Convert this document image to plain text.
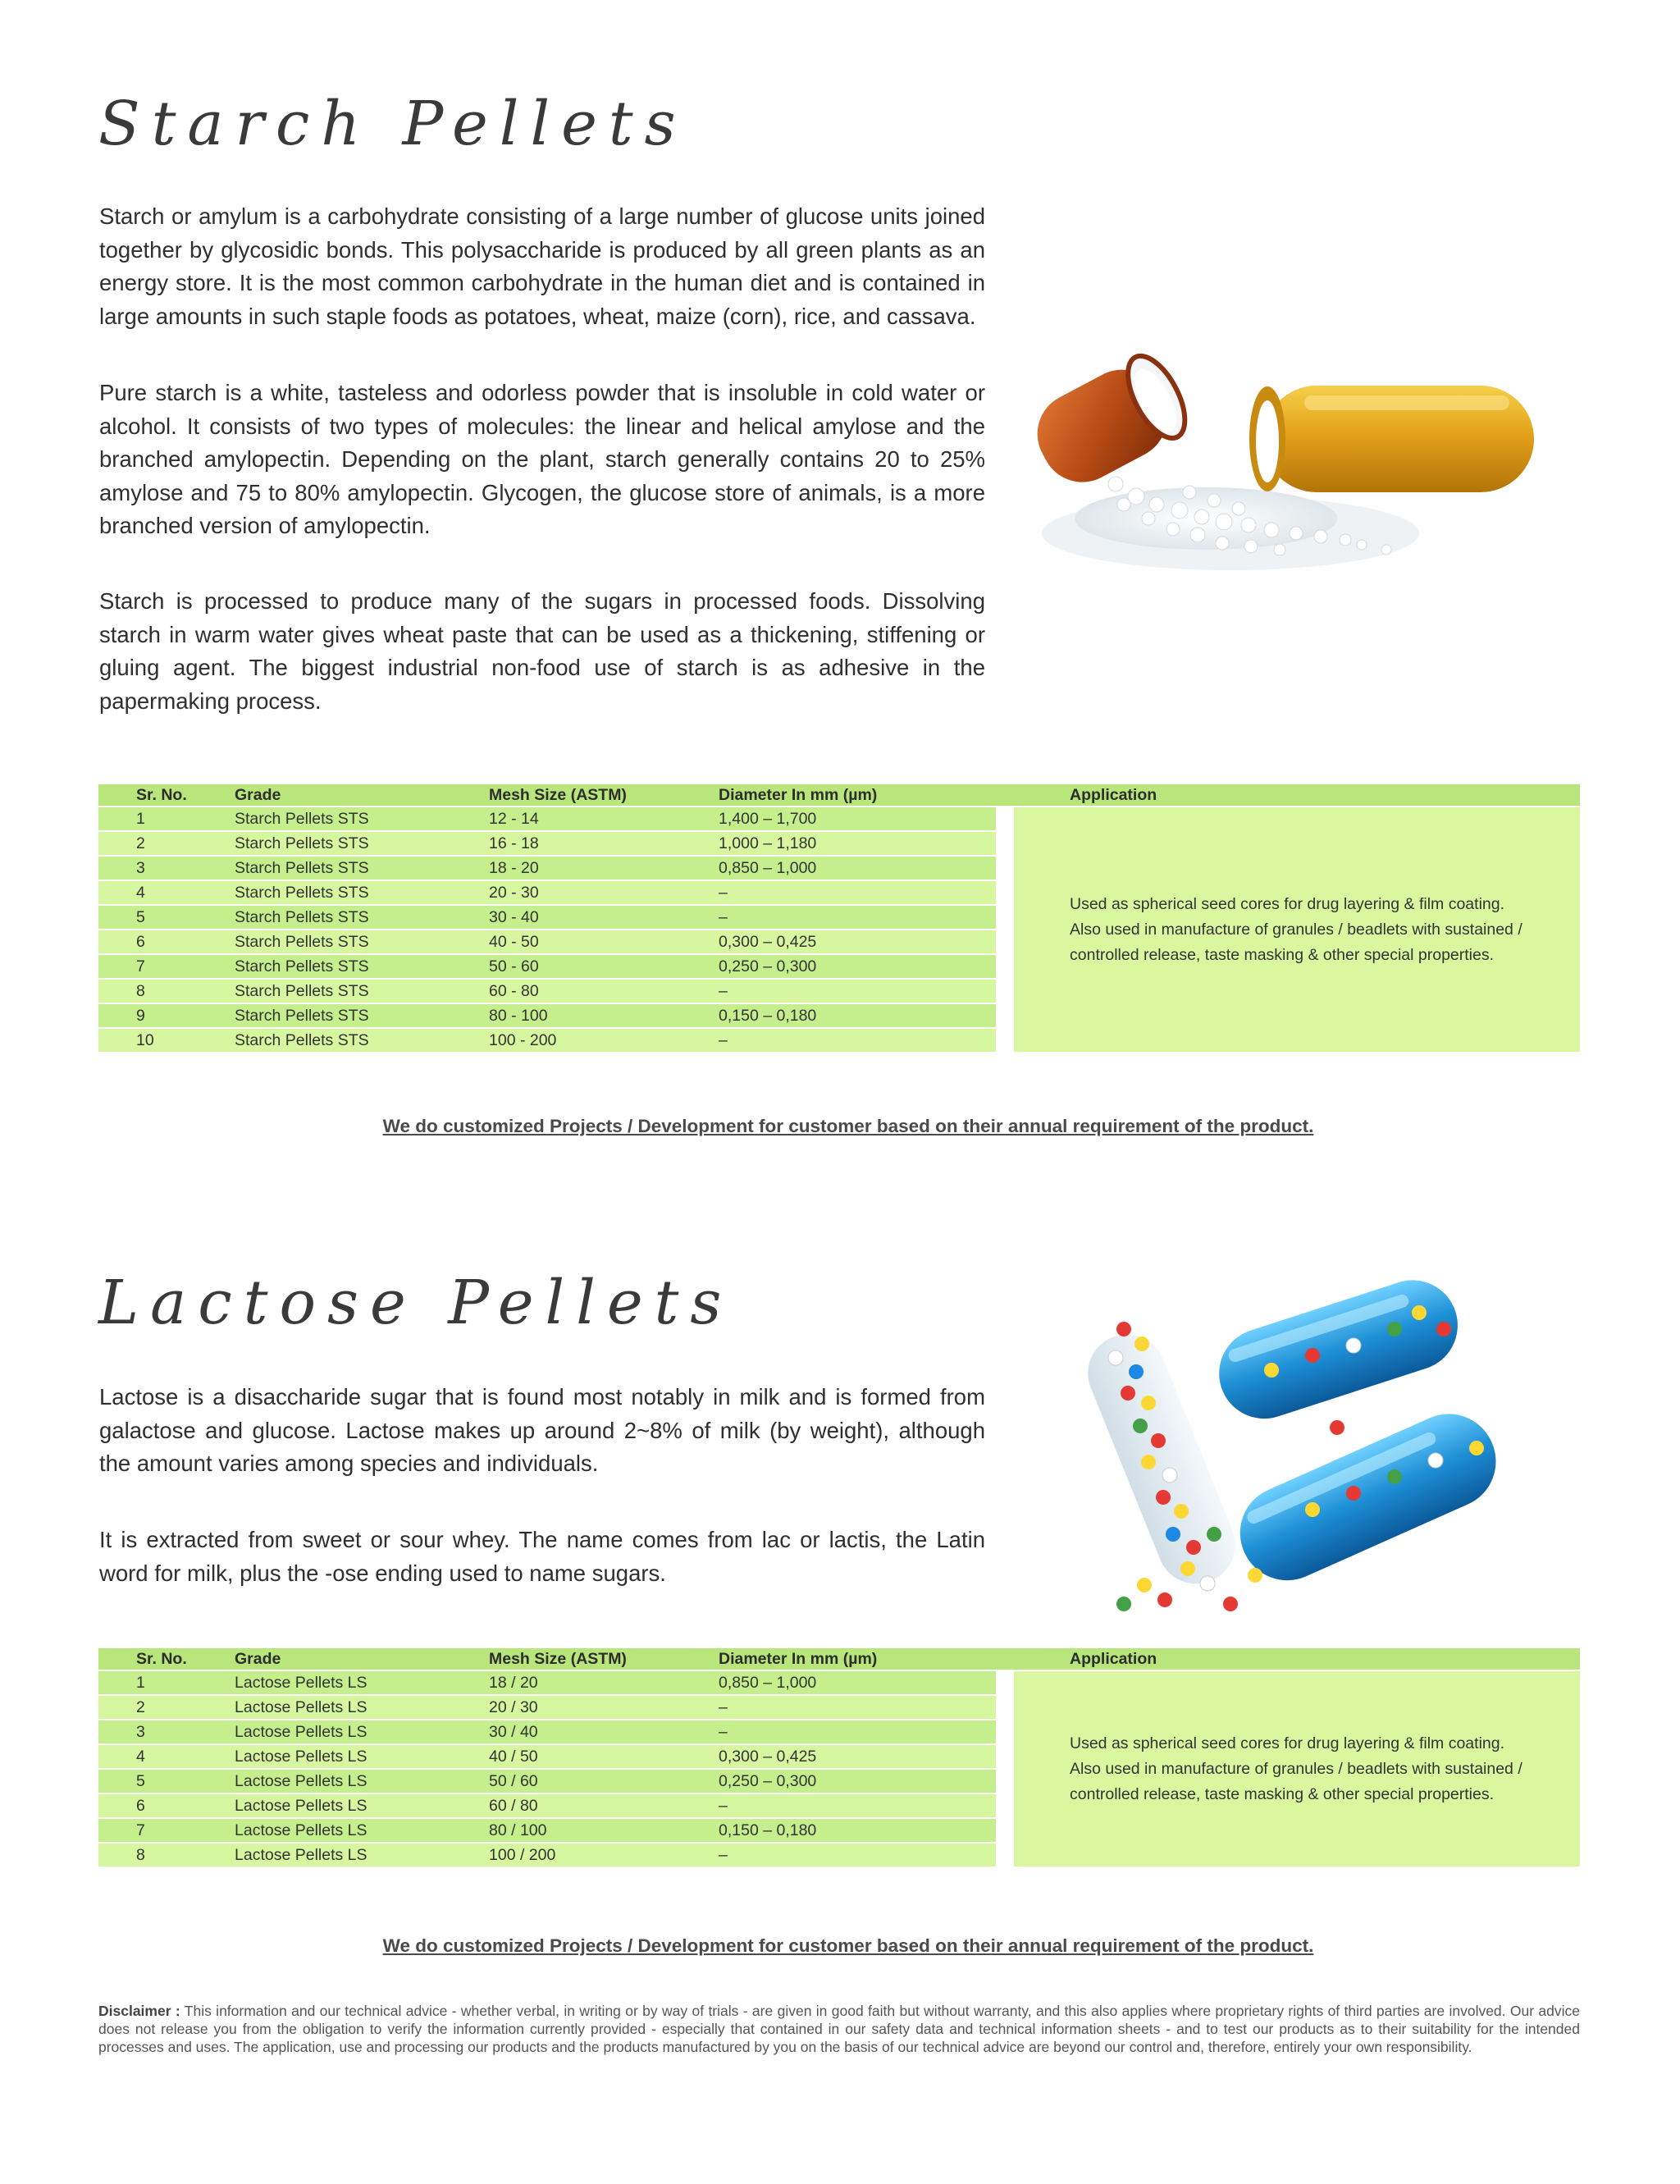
Starch Pellets

Starch or amylum is a carbohydrate consisting of a large number of glucose units joined together by glycosidic bonds. This polysaccharide is produced by all green plants as an energy store. It is the most common carbohydrate in the human diet and is contained in large amounts in such staple foods as potatoes, wheat, maize (corn), rice, and cassava.

Pure starch is a white, tasteless and odorless powder that is insoluble in cold water or alcohol. It consists of two types of molecules: the linear and helical amylose and the branched amylopectin. Depending on the plant, starch generally contains 20 to 25% amylose and 75 to 80% amylopectin. Glycogen, the glucose store of animals, is a more branched version of amylopectin.

Starch is processed to produce many of the sugars in processed foods. Dissolving starch in warm water gives wheat paste that can be used as a thickening, stiffening or gluing agent. The biggest industrial non-food use of starch is as adhesive in the papermaking process.

Sr. No.	Grade	Mesh Size (ASTM)	Diameter In mm (µm)		Application
1	Starch Pellets STS	12 - 14	1,400 – 1,700		Used as spherical seed cores for drug layering & film coating.
Also used in manufacture of granules / beadlets with sustained /
controlled release, taste masking & other special properties.

2	Starch Pellets STS	16 - 18	1,000 – 1,180		
3	Starch Pellets STS	18 - 20	0,850 – 1,000		
4	Starch Pellets STS	20 - 30	–		
5	Starch Pellets STS	30 - 40	–		
6	Starch Pellets STS	40 - 50	0,300 – 0,425		
7	Starch Pellets STS	50 - 60	0,250 – 0,300		
8	Starch Pellets STS	60 - 80	–		
9	Starch Pellets STS	80 - 100	0,150 – 0,180		
10	Starch Pellets STS	100 - 200	–		

We do customized Projects / Development for customer based on their annual requirement of the product.

Lactose Pellets

Lactose is a disaccharide sugar that is found most notably in milk and is formed from galactose and glucose. Lactose makes up around 2~8% of milk (by weight), although the amount varies among species and individuals.

It is extracted from sweet or sour whey. The name comes from lac or lactis, the Latin word for milk, plus the -ose ending used to name sugars.

Sr. No.	Grade	Mesh Size (ASTM)	Diameter In mm (µm)		Application
1	Lactose Pellets LS	18 / 20	0,850 – 1,000		Used as spherical seed cores for drug layering & film coating.
Also used in manufacture of granules / beadlets with sustained /
controlled release, taste masking & other special properties.

2	Lactose Pellets LS	20 / 30	–		
3	Lactose Pellets LS	30 / 40	–		
4	Lactose Pellets LS	40 / 50	0,300 – 0,425		
5	Lactose Pellets LS	50 / 60	0,250 – 0,300		
6	Lactose Pellets LS	60 / 80	–		
7	Lactose Pellets LS	80 / 100	0,150 – 0,180		
8	Lactose Pellets LS	100 / 200	–		

We do customized Projects / Development for customer based on their annual requirement of the product.

Disclaimer : This information and our technical advice - whether verbal, in writing or by way of trials - are given in good faith but without warranty, and this also applies where proprietary rights of third parties are involved. Our advice does not release you from the obligation to verify the information currently provided - especially that contained in our safety data and technical information sheets - and to test our products as to their suitability for the intended processes and uses. The application, use and processing our products and the products manufactured by you on the basis of our technical advice are beyond our control and, therefore, entirely your own responsibility.
